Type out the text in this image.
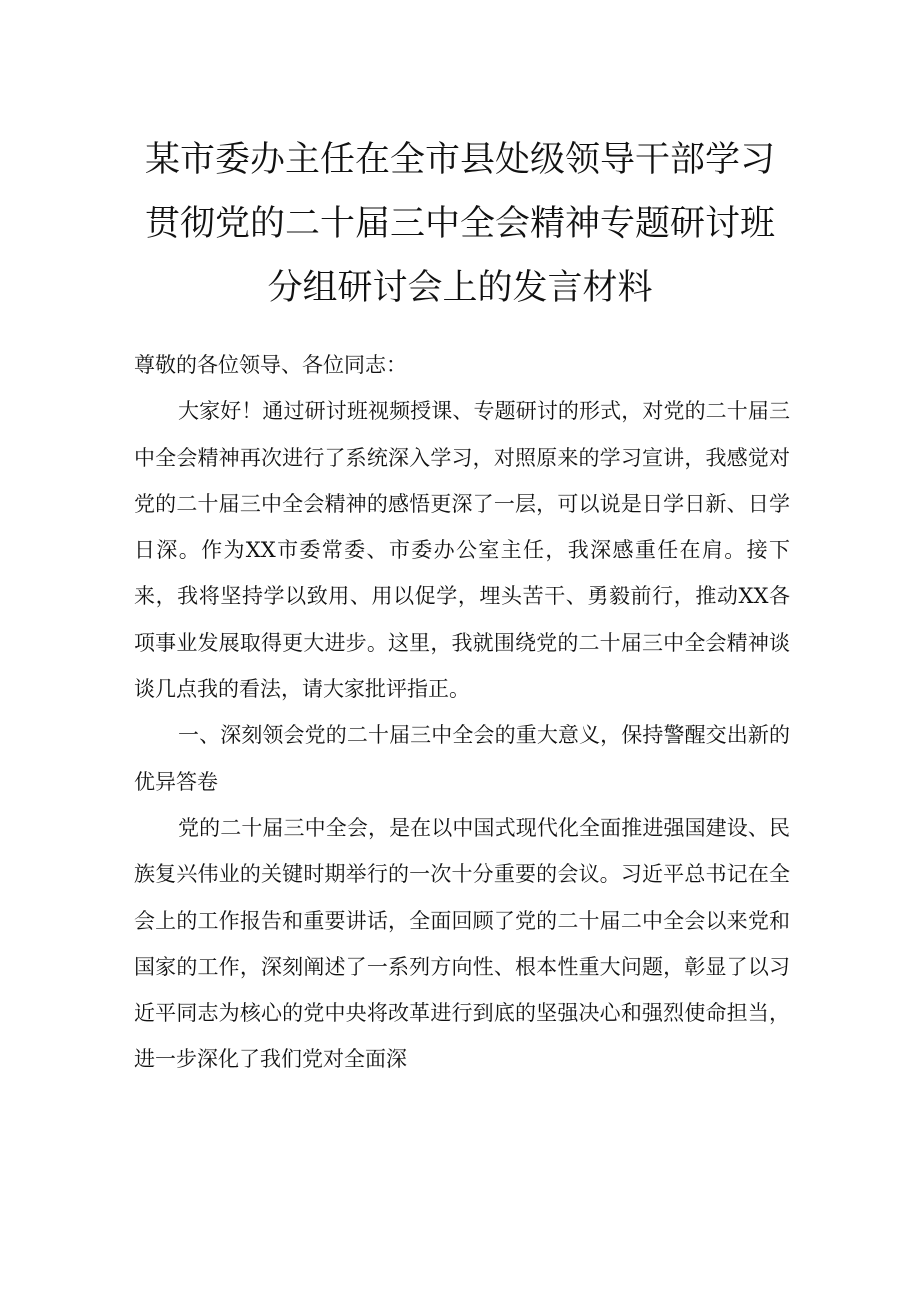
某市委办主任在全市县处级领导干部学习
贯彻党的二十届三中全会精神专题研讨班
分组研讨会上的发言材料

尊敬的各位领导、各位同志：

大家好！通过研讨班视频授课、专题研讨的形式，对党的二十届三中全会精神再次进行了系统深入学习，对照原来的学习宣讲，我感觉对党的二十届三中全会精神的感悟更深了一层，可以说是日学日新、日学日深。作为XX市委常委、市委办公室主任，我深感重任在肩。接下来，我将坚持学以致用、用以促学，埋头苦干、勇毅前行，推动XX各项事业发展取得更大进步。这里，我就围绕党的二十届三中全会精神谈谈几点我的看法，请大家批评指正。

一、深刻领会党的二十届三中全会的重大意义，保持警醒交出新的优异答卷

党的二十届三中全会，是在以中国式现代化全面推进强国建设、民族复兴伟业的关键时期举行的一次十分重要的会议。习近平总书记在全会上的工作报告和重要讲话，全面回顾了党的二十届二中全会以来党和国家的工作，深刻阐述了一系列方向性、根本性重大问题，彰显了以习近平同志为核心的党中央将改革进行到底的坚强决心和强烈使命担当，进一步深化了我们党对全面深
